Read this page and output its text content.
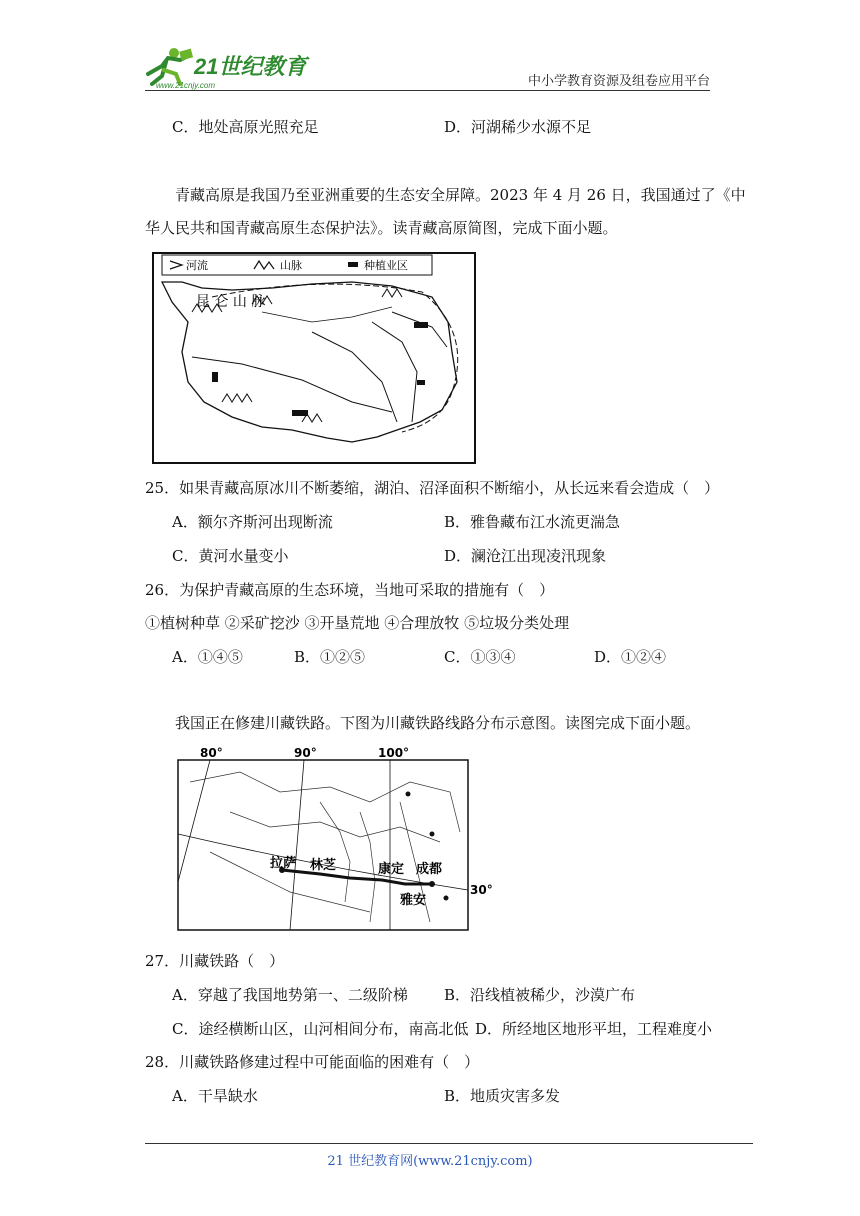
21世纪教育
www.21cnjy.com	中小学教育资源及组卷应用平台
C．地处高原光照充足	D．河湖稀少水源不足
青藏高原是我国乃至亚洲重要的生态安全屏障。2023 年 4 月 26 日，我国通过了《中
华人民共和国青藏高原生态保护法》。读青藏高原简图，完成下面小题。
河流	山脉	种植业区
昆 仑 山 脉
25．如果青藏高原冰川不断萎缩，湖泊、沼泽面积不断缩小，从长远来看会造成（　）
A．额尔齐斯河出现断流	B．雅鲁藏布江水流更湍急
C．黄河水量变小	D．澜沧江出现凌汛现象
26．为保护青藏高原的生态环境，当地可采取的措施有（　）
①植树种草 ②采矿挖沙 ③开垦荒地 ④合理放牧 ⑤垃圾分类处理
A．①④⑤	B．①②⑤	C．①③④	D．①②④
我国正在修建川藏铁路。下图为川藏铁路线路分布示意图。读图完成下面小题。
80°	90°	100°
拉萨 林芝	康定 成都
雅安
30°
27．川藏铁路（　）
A．穿越了我国地势第一、二级阶梯 B．沿线植被稀少，沙漠广布
C．途经横断山区，山河相间分布，南高北低 D．所经地区地形平坦，工程难度小
28．川藏铁路修建过程中可能面临的困难有（　）
A．干旱缺水	B．地质灾害多发
21 世纪教育网(www.21cnjy.com)
